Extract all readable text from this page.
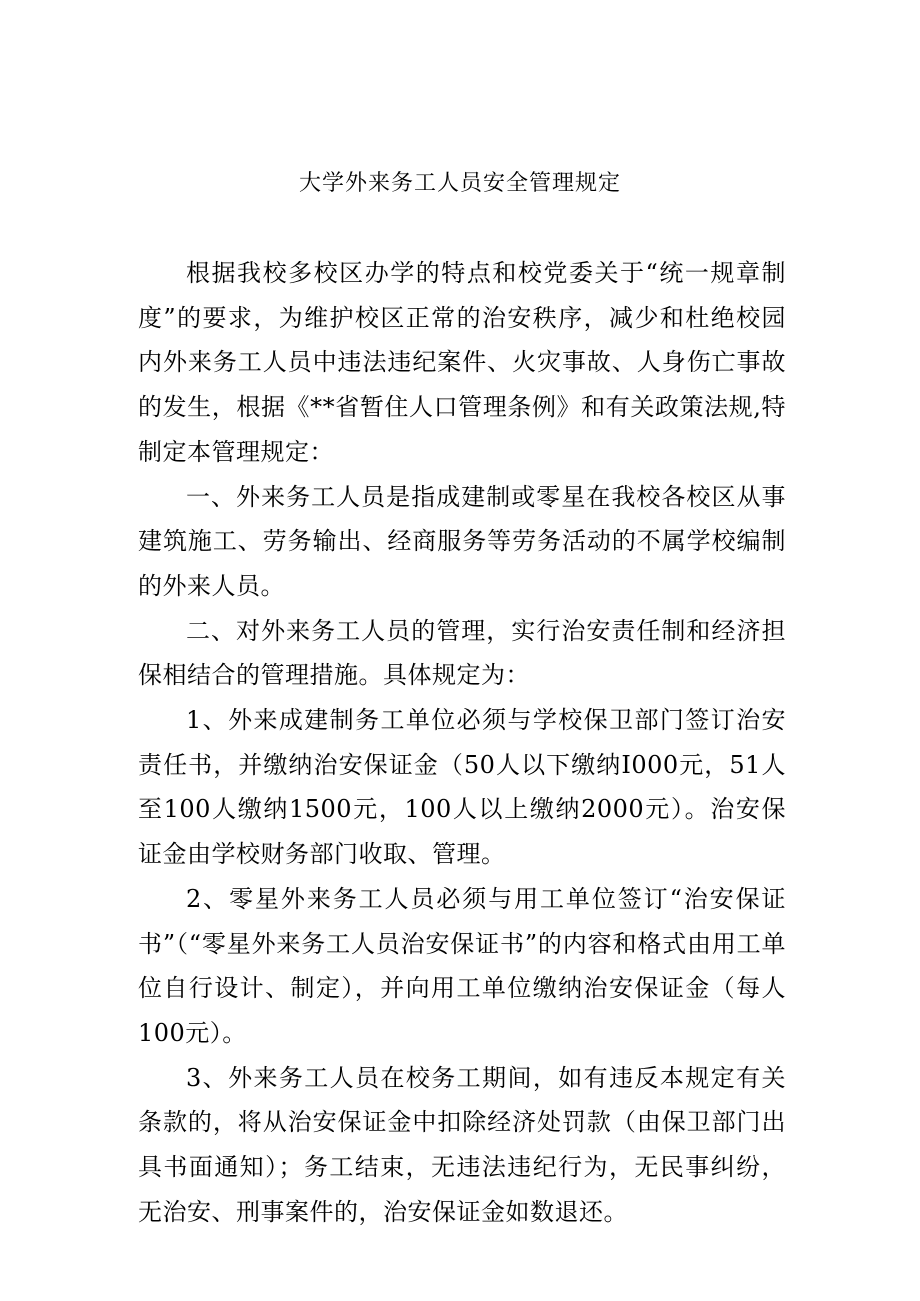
大学外来务工人员安全管理规定

根据我校多校区办学的特点和校党委关于“统一规章制度”的要求，为维护校区正常的治安秩序，减少和杜绝校园内外来务工人员中违法违纪案件、火灾事故、人身伤亡事故的发生，根据《**省暂住人口管理条例》和有关政策法规,特制定本管理规定：

一、外来务工人员是指成建制或零星在我校各校区从事建筑施工、劳务输出、经商服务等劳务活动的不属学校编制的外来人员。

二、对外来务工人员的管理，实行治安责任制和经济担保相结合的管理措施。具体规定为：

1、外来成建制务工单位必须与学校保卫部门签订治安责任书，并缴纳治安保证金（50人以下缴纳I000元，51人至100人缴纳1500元，100人以上缴纳2000元）。治安保证金由学校财务部门收取、管理。

2、零星外来务工人员必须与用工单位签订“治安保证书”（“零星外来务工人员治安保证书”的内容和格式由用工单位自行设计、制定），并向用工单位缴纳治安保证金（每人100元）。

3、外来务工人员在校务工期间，如有违反本规定有关条款的，将从治安保证金中扣除经济处罚款（由保卫部门出具书面通知）；务工结束，无违法违纪行为，无民事纠纷，无治安、刑事案件的，治安保证金如数退还。
